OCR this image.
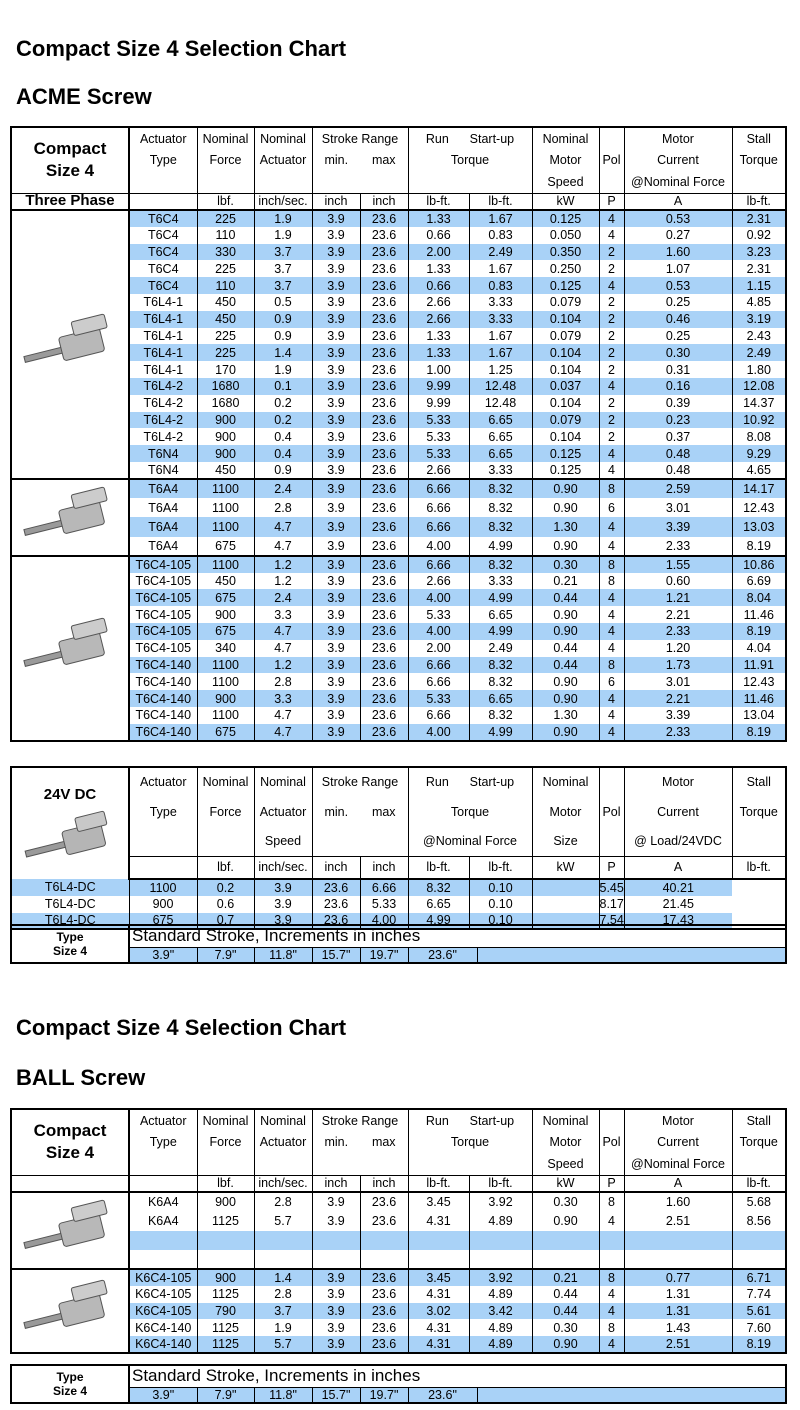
Compact Size 4 Selection Chart
ACME Screw
Compact
Size 4	Actuator	Nominal	Nominal	Stroke Range		Run Start-up		Nominal		Motor	Stall
	Type	Force	Actuator	min.	max	Torque		Motor	Pol	Current	Torque
								Speed		@Nominal Force	
Three Phase		lbf.	inch/sec.	inch	inch	lb-ft.	lb-ft.	kW	P	A	lb-ft.
	T6C4	225	1.9	3.9	23.6	1.33	1.67	0.125	4	0.53	2.31
	T6C4	110	1.9	3.9	23.6	0.66	0.83	0.050	4	0.27	0.92
	T6C4	330	3.7	3.9	23.6	2.00	2.49	0.350	2	1.60	3.23
	T6C4	225	3.7	3.9	23.6	1.33	1.67	0.250	2	1.07	2.31
	T6C4	110	3.7	3.9	23.6	0.66	0.83	0.125	4	0.53	1.15
	T6L4-1	450	0.5	3.9	23.6	2.66	3.33	0.079	2	0.25	4.85
	T6L4-1	450	0.9	3.9	23.6	2.66	3.33	0.104	2	0.46	3.19
	T6L4-1	225	0.9	3.9	23.6	1.33	1.67	0.079	2	0.25	2.43
	T6L4-1	225	1.4	3.9	23.6	1.33	1.67	0.104	2	0.30	2.49
	T6L4-1	170	1.9	3.9	23.6	1.00	1.25	0.104	2	0.31	1.80
	T6L4-2	1680	0.1	3.9	23.6	9.99	12.48	0.037	4	0.16	12.08
	T6L4-2	1680	0.2	3.9	23.6	9.99	12.48	0.104	2	0.39	14.37
	T6L4-2	900	0.2	3.9	23.6	5.33	6.65	0.079	2	0.23	10.92
	T6L4-2	900	0.4	3.9	23.6	5.33	6.65	0.104	2	0.37	8.08
	T6N4	900	0.4	3.9	23.6	5.33	6.65	0.125	4	0.48	9.29
	T6N4	450	0.9	3.9	23.6	2.66	3.33	0.125	4	0.48	4.65
	T6A4	1100	2.4	3.9	23.6	6.66	8.32	0.90	8	2.59	14.17
	T6A4	1100	2.8	3.9	23.6	6.66	8.32	0.90	6	3.01	12.43
	T6A4	1100	4.7	3.9	23.6	6.66	8.32	1.30	4	3.39	13.03
	T6A4	675	4.7	3.9	23.6	4.00	4.99	0.90	4	2.33	8.19
	T6C4-105	1100	1.2	3.9	23.6	6.66	8.32	0.30	8	1.55	10.86
	T6C4-105	450	1.2	3.9	23.6	2.66	3.33	0.21	8	0.60	6.69
	T6C4-105	675	2.4	3.9	23.6	4.00	4.99	0.44	4	1.21	8.04
	T6C4-105	900	3.3	3.9	23.6	5.33	6.65	0.90	4	2.21	11.46
	T6C4-105	675	4.7	3.9	23.6	4.00	4.99	0.90	4	2.33	8.19
	T6C4-105	340	4.7	3.9	23.6	2.00	2.49	0.44	4	1.20	4.04
	T6C4-140	1100	1.2	3.9	23.6	6.66	8.32	0.44	8	1.73	11.91
	T6C4-140	1100	2.8	3.9	23.6	6.66	8.32	0.90	6	3.01	12.43
	T6C4-140	900	3.3	3.9	23.6	5.33	6.65	0.90	4	2.21	11.46
	T6C4-140	1100	4.7	3.9	23.6	6.66	8.32	1.30	4	3.39	13.04
	T6C4-140	675	4.7	3.9	23.6	4.00	4.99	0.90	4	2.33	8.19
24V DC	Actuator	Nominal	Nominal	Stroke Range		Run Start-up		Nominal		Motor	Stall
	Type	Force	Actuator	min.	max	Torque		Motor	Pol	Current	Torque
			Speed			@Nominal Force		Size		@ Load/24VDC	
		lbf.	inch/sec.	inch	inch	lb-ft.	lb-ft.	kW	P	A	lb-ft.
T6L4-DC	1100	0.2	3.9	23.6	6.66	8.32	0.10		5.45	40.21	
T6L4-DC	900	0.6	3.9	23.6	5.33	6.65	0.10		8.17	21.45	
T6L4-DC	675	0.7	3.9	23.6	4.00	4.99	0.10		7.54	17.43	
Type
Size 4	Standard Stroke, Increments in inches						
	3.9"	7.9"	11.8"	15.7"	19.7"	23.6"	
Compact Size 4 Selection Chart
BALL Screw
Compact
Size 4	Actuator	Nominal	Nominal	Stroke Range		Run Start-up		Nominal		Motor	Stall
	Type	Force	Actuator	min.	max	Torque		Motor	Pol	Current	Torque
								Speed		@Nominal Force	
		lbf.	inch/sec.	inch	inch	lb-ft.	lb-ft.	kW	P	A	lb-ft.
	K6A4	900	2.8	3.9	23.6	3.45	3.92	0.30	8	1.60	5.68
	K6A4	1125	5.7	3.9	23.6	4.31	4.89	0.90	4	2.51	8.56

	K6C4-105	900	1.4	3.9	23.6	3.45	3.92	0.21	8	0.77	6.71
	K6C4-105	1125	2.8	3.9	23.6	4.31	4.89	0.44	4	1.31	7.74
	K6C4-105	790	3.7	3.9	23.6	3.02	3.42	0.44	4	1.31	5.61
	K6C4-140	1125	1.9	3.9	23.6	4.31	4.89	0.30	8	1.43	7.60
	K6C4-140	1125	5.7	3.9	23.6	4.31	4.89	0.90	4	2.51	8.19
Type
Size 4	Standard Stroke, Increments in inches						
	3.9"	7.9"	11.8"	15.7"	19.7"	23.6"	
